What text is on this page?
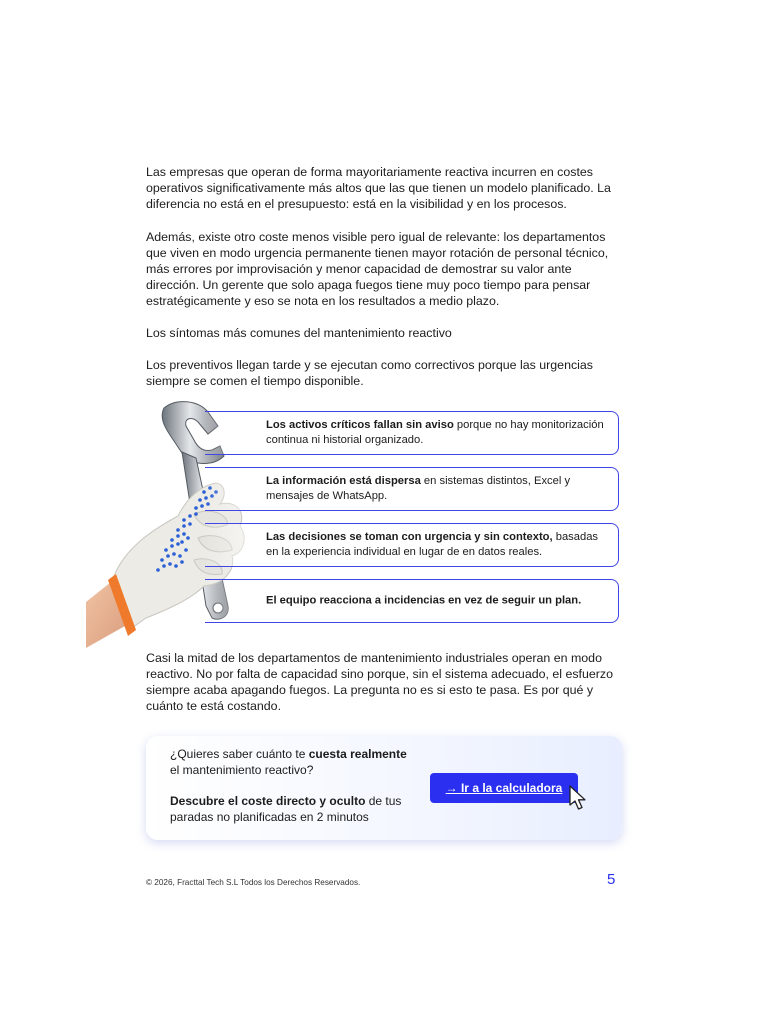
Las empresas que operan de forma mayoritariamente reactiva incurren en costes operativos significativamente más altos que las que tienen un modelo planificado. La diferencia no está en el presupuesto: está en la visibilidad y en los procesos.

Además, existe otro coste menos visible pero igual de relevante: los departamentos que viven en modo urgencia permanente tienen mayor rotación de personal técnico, más errores por improvisación y menor capacidad de demostrar su valor ante dirección. Un gerente que solo apaga fuegos tiene muy poco tiempo para pensar estratégicamente y eso se nota en los resultados a medio plazo.

Los síntomas más comunes del mantenimiento reactivo

Los preventivos llegan tarde y se ejecutan como correctivos porque las urgencias siempre se comen el tiempo disponible.

Los activos críticos fallan sin aviso porque no hay monitorización continua ni historial organizado.
La información está dispersa en sistemas distintos, Excel y mensajes de WhatsApp.
Las decisiones se toman con urgencia y sin contexto, basadas en la experiencia individual en lugar de en datos reales.
El equipo reacciona a incidencias en vez de seguir un plan.

Casi la mitad de los departamentos de mantenimiento industriales operan en modo reactivo. No por falta de capacidad sino porque, sin el sistema adecuado, el esfuerzo siempre acaba apagando fuegos. La pregunta no es si esto te pasa. Es por qué y cuánto te está costando.

¿Quieres saber cuánto te cuesta realmente el mantenimiento reactivo?
Descubre el coste directo y oculto de tus paradas no planificadas en 2 minutos
→ Ir a la calculadora
© 2026, Fracttal Tech S.L Todos los Derechos Reservados.	5
